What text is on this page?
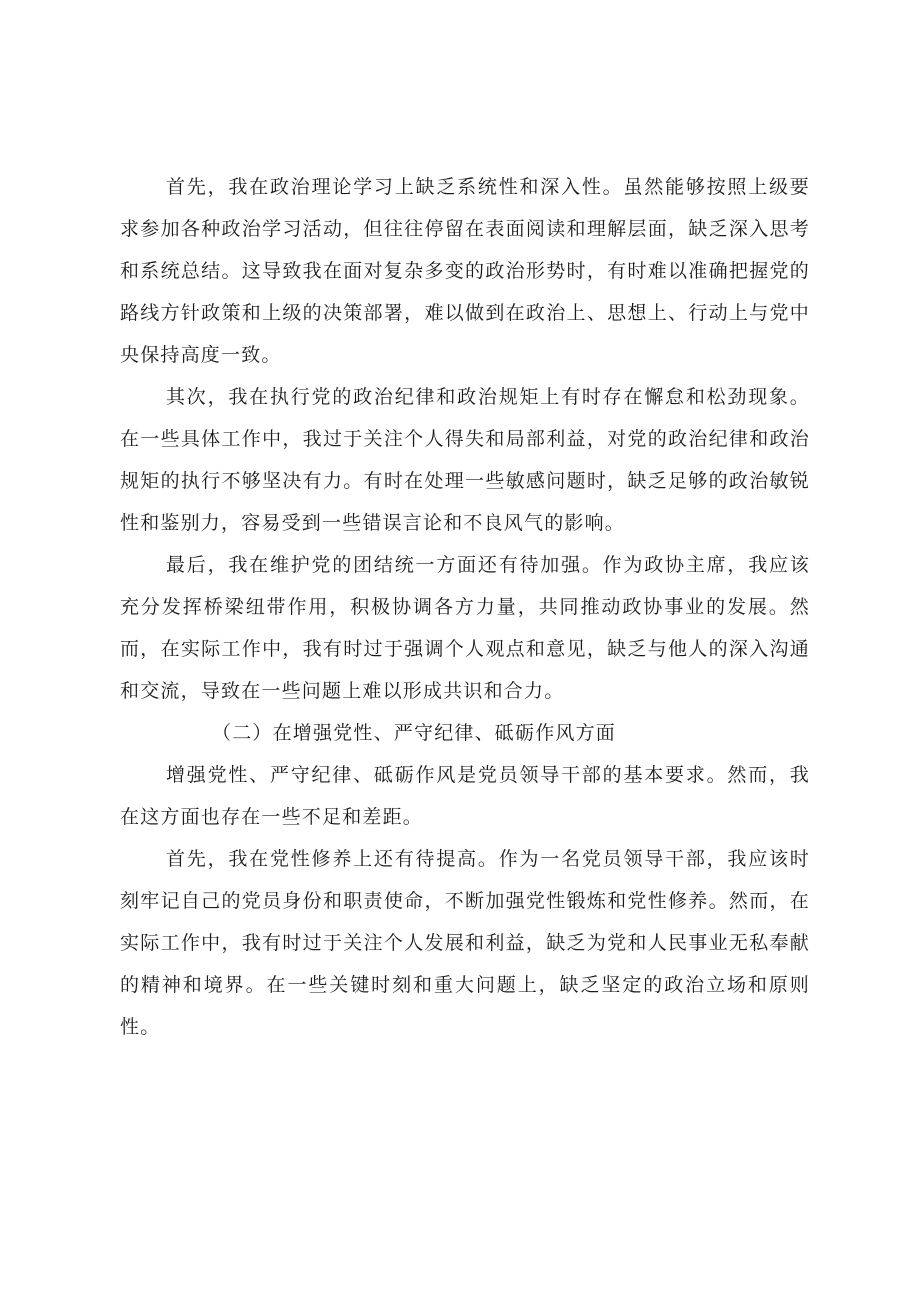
首先，我在政治理论学习上缺乏系统性和深入性。虽然能够按照上级要求参加各种政治学习活动，但往往停留在表面阅读和理解层面，缺乏深入思考和系统总结。这导致我在面对复杂多变的政治形势时，有时难以准确把握党的路线方针政策和上级的决策部署，难以做到在政治上、思想上、行动上与党中央保持高度一致。

其次，我在执行党的政治纪律和政治规矩上有时存在懈怠和松劲现象。在一些具体工作中，我过于关注个人得失和局部利益，对党的政治纪律和政治规矩的执行不够坚决有力。有时在处理一些敏感问题时，缺乏足够的政治敏锐性和鉴别力，容易受到一些错误言论和不良风气的影响。

最后，我在维护党的团结统一方面还有待加强。作为政协主席，我应该充分发挥桥梁纽带作用，积极协调各方力量，共同推动政协事业的发展。然而，在实际工作中，我有时过于强调个人观点和意见，缺乏与他人的深入沟通和交流，导致在一些问题上难以形成共识和合力。

（二）在增强党性、严守纪律、砥砺作风方面

增强党性、严守纪律、砥砺作风是党员领导干部的基本要求。然而，我在这方面也存在一些不足和差距。

首先，我在党性修养上还有待提高。作为一名党员领导干部，我应该时刻牢记自己的党员身份和职责使命，不断加强党性锻炼和党性修养。然而，在实际工作中，我有时过于关注个人发展和利益，缺乏为党和人民事业无私奉献的精神和境界。在一些关键时刻和重大问题上，缺乏坚定的政治立场和原则性。
